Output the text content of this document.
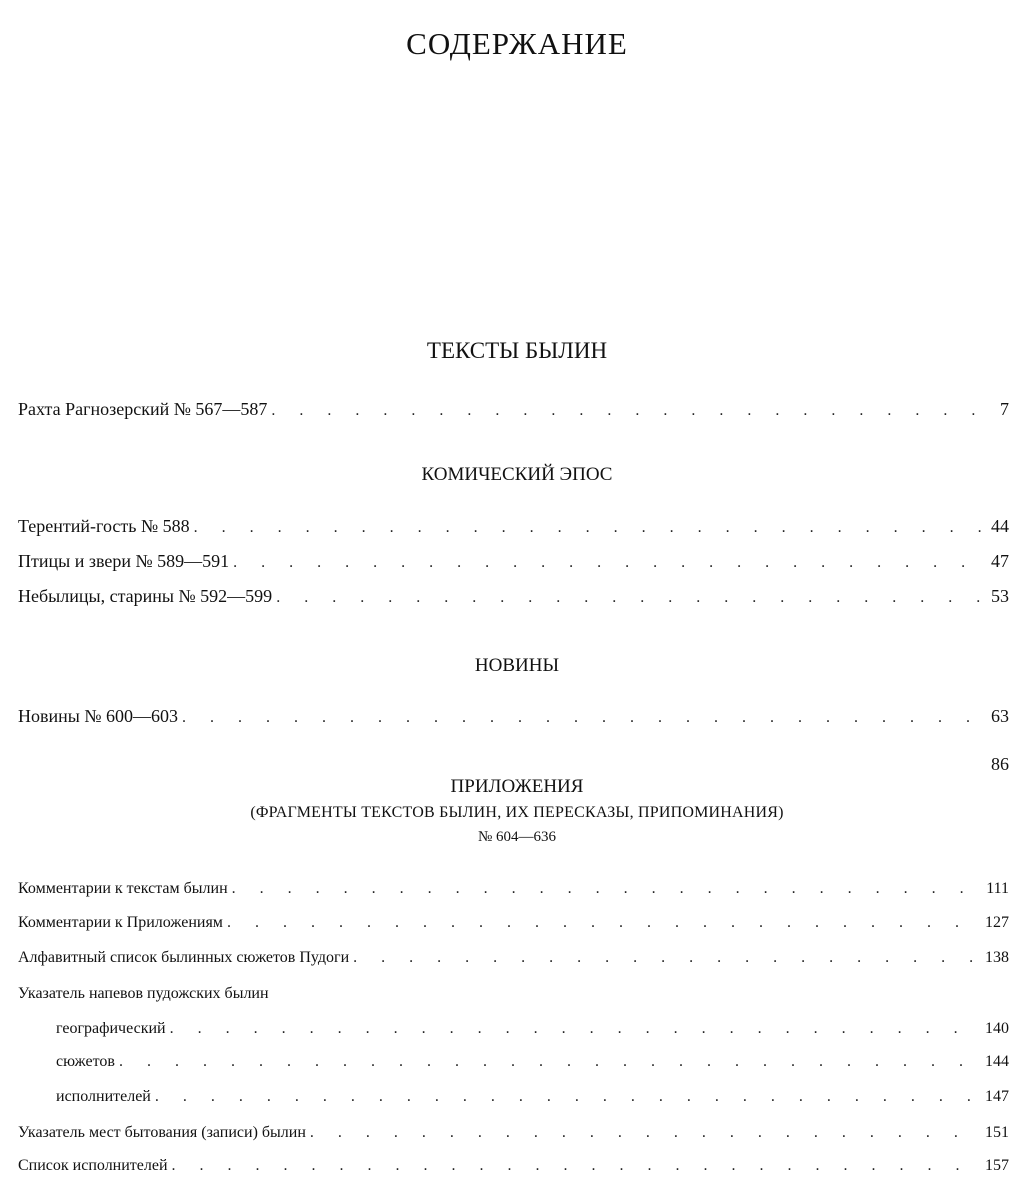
СОДЕРЖАНИЕ
ТЕКСТЫ БЫЛИН
Рахта Рагнозерский № 567—587 . . .	7
КОМИЧЕСКИЙ ЭПОС
Терентий-гость № 588 . . .	44
Птицы и звери № 589—591 . . .	47
Небылицы, старины № 592—599 . . .	53
НОВИНЫ
Новины № 600—603 . . .	63
86
ПРИЛОЖЕНИЯ
(ФРАГМЕНТЫ ТЕКСТОВ БЫЛИН, ИХ ПЕРЕСКАЗЫ, ПРИПОМИНАНИЯ)
№ 604—636
Комментарии к текстам былин . . .	111
Комментарии к Приложениям . . .	127
Алфавитный список былинных сюжетов Пудоги . . .	138
Указатель напевов пудожских былин
географический . . .	140
сюжетов . . .	144
исполнителей . . .	147
Указатель мест бытования (записи) былин . . .	151
Список исполнителей . . .	157
